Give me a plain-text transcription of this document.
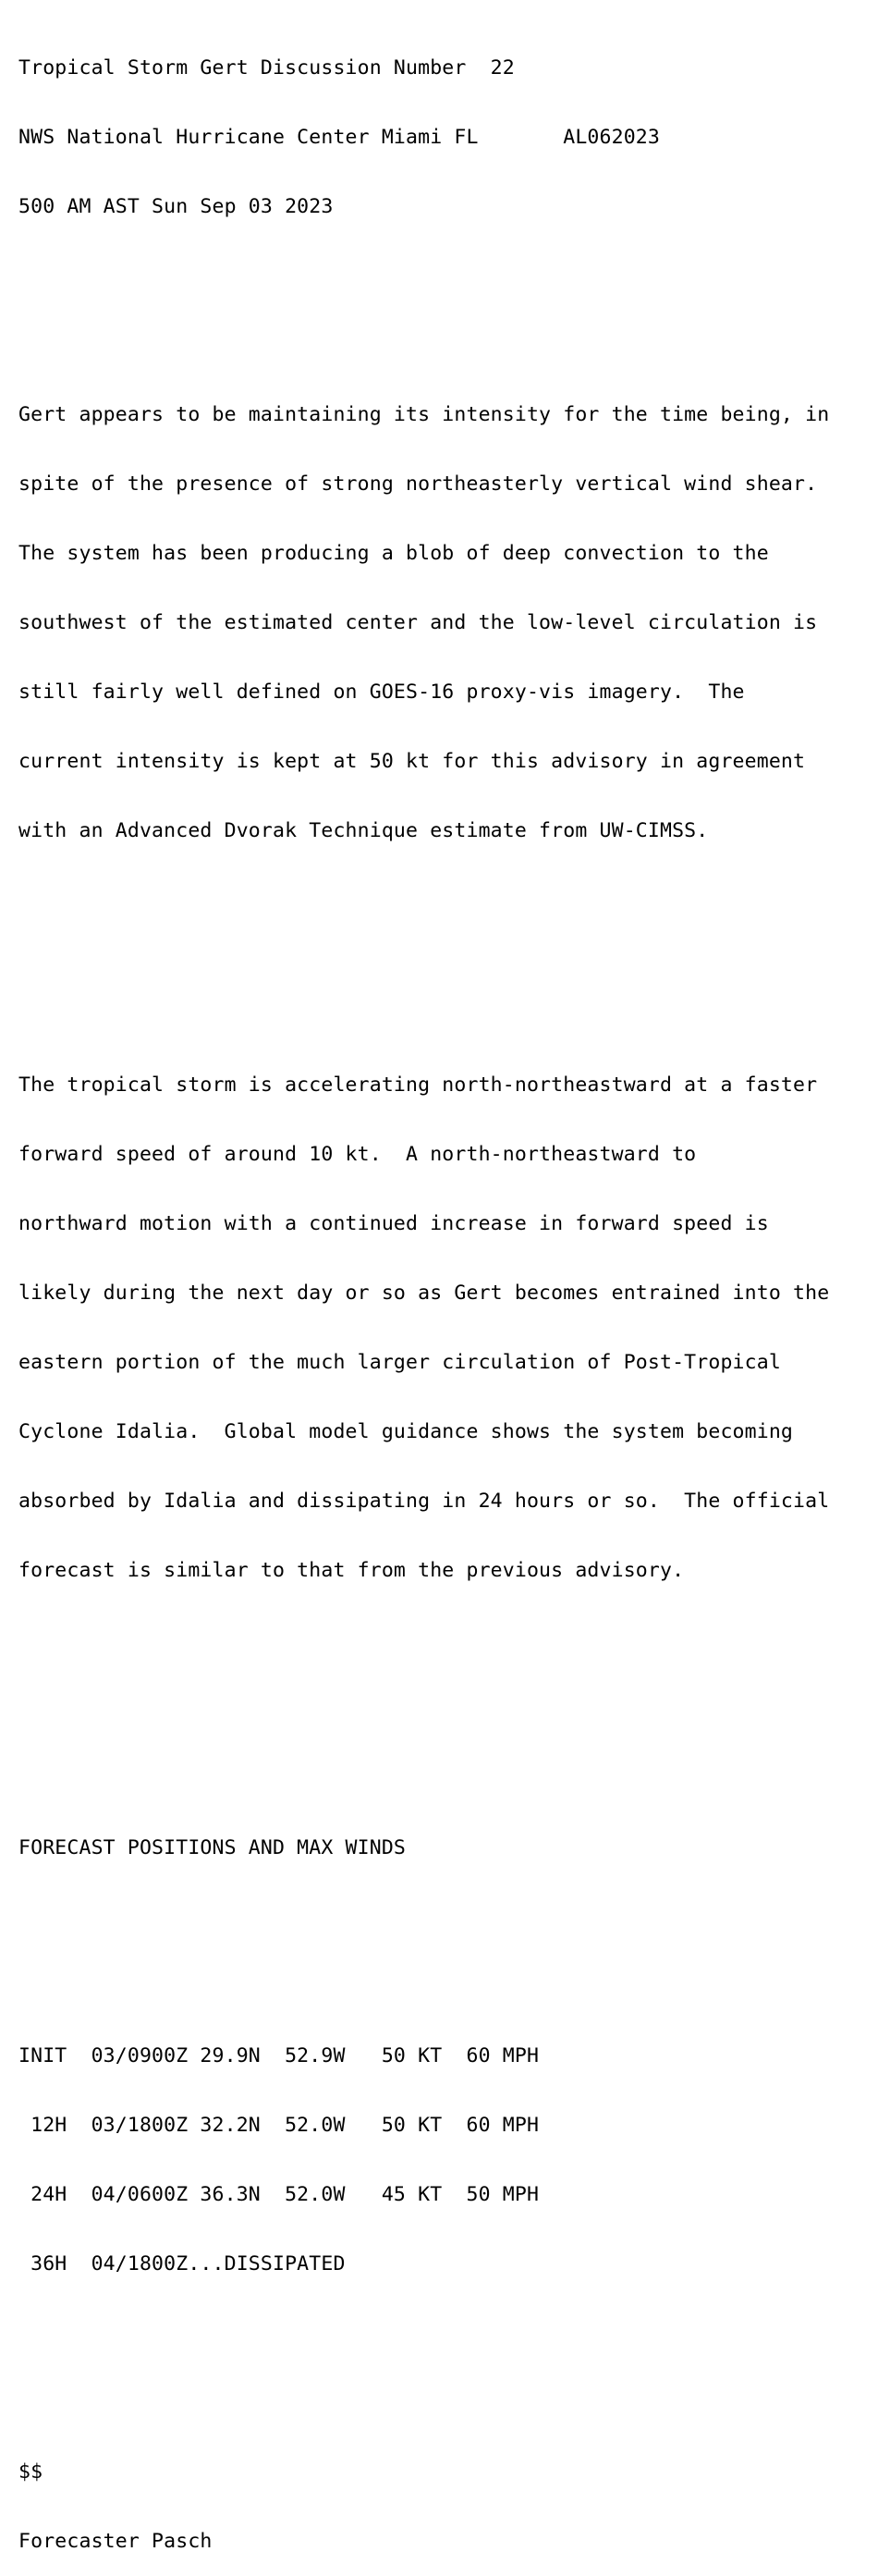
Tropical Storm Gert Discussion Number  22

NWS National Hurricane Center Miami FL       AL062023

500 AM AST Sun Sep 03 2023

Gert appears to be maintaining its intensity for the time being, in

spite of the presence of strong northeasterly vertical wind shear.

The system has been producing a blob of deep convection to the

southwest of the estimated center and the low-level circulation is

still fairly well defined on GOES-16 proxy-vis imagery.  The

current intensity is kept at 50 kt for this advisory in agreement

with an Advanced Dvorak Technique estimate from UW-CIMSS.

The tropical storm is accelerating north-northeastward at a faster

forward speed of around 10 kt.  A north-northeastward to

northward motion with a continued increase in forward speed is

likely during the next day or so as Gert becomes entrained into the

eastern portion of the much larger circulation of Post-Tropical

Cyclone Idalia.  Global model guidance shows the system becoming

absorbed by Idalia and dissipating in 24 hours or so.  The official

forecast is similar to that from the previous advisory.

FORECAST POSITIONS AND MAX WINDS

INIT  03/0900Z 29.9N  52.9W   50 KT  60 MPH

12H  03/1800Z 32.2N  52.0W   50 KT  60 MPH

24H  04/0600Z 36.3N  52.0W   45 KT  50 MPH

36H  04/1800Z...DISSIPATED

$$

Forecaster Pasch
